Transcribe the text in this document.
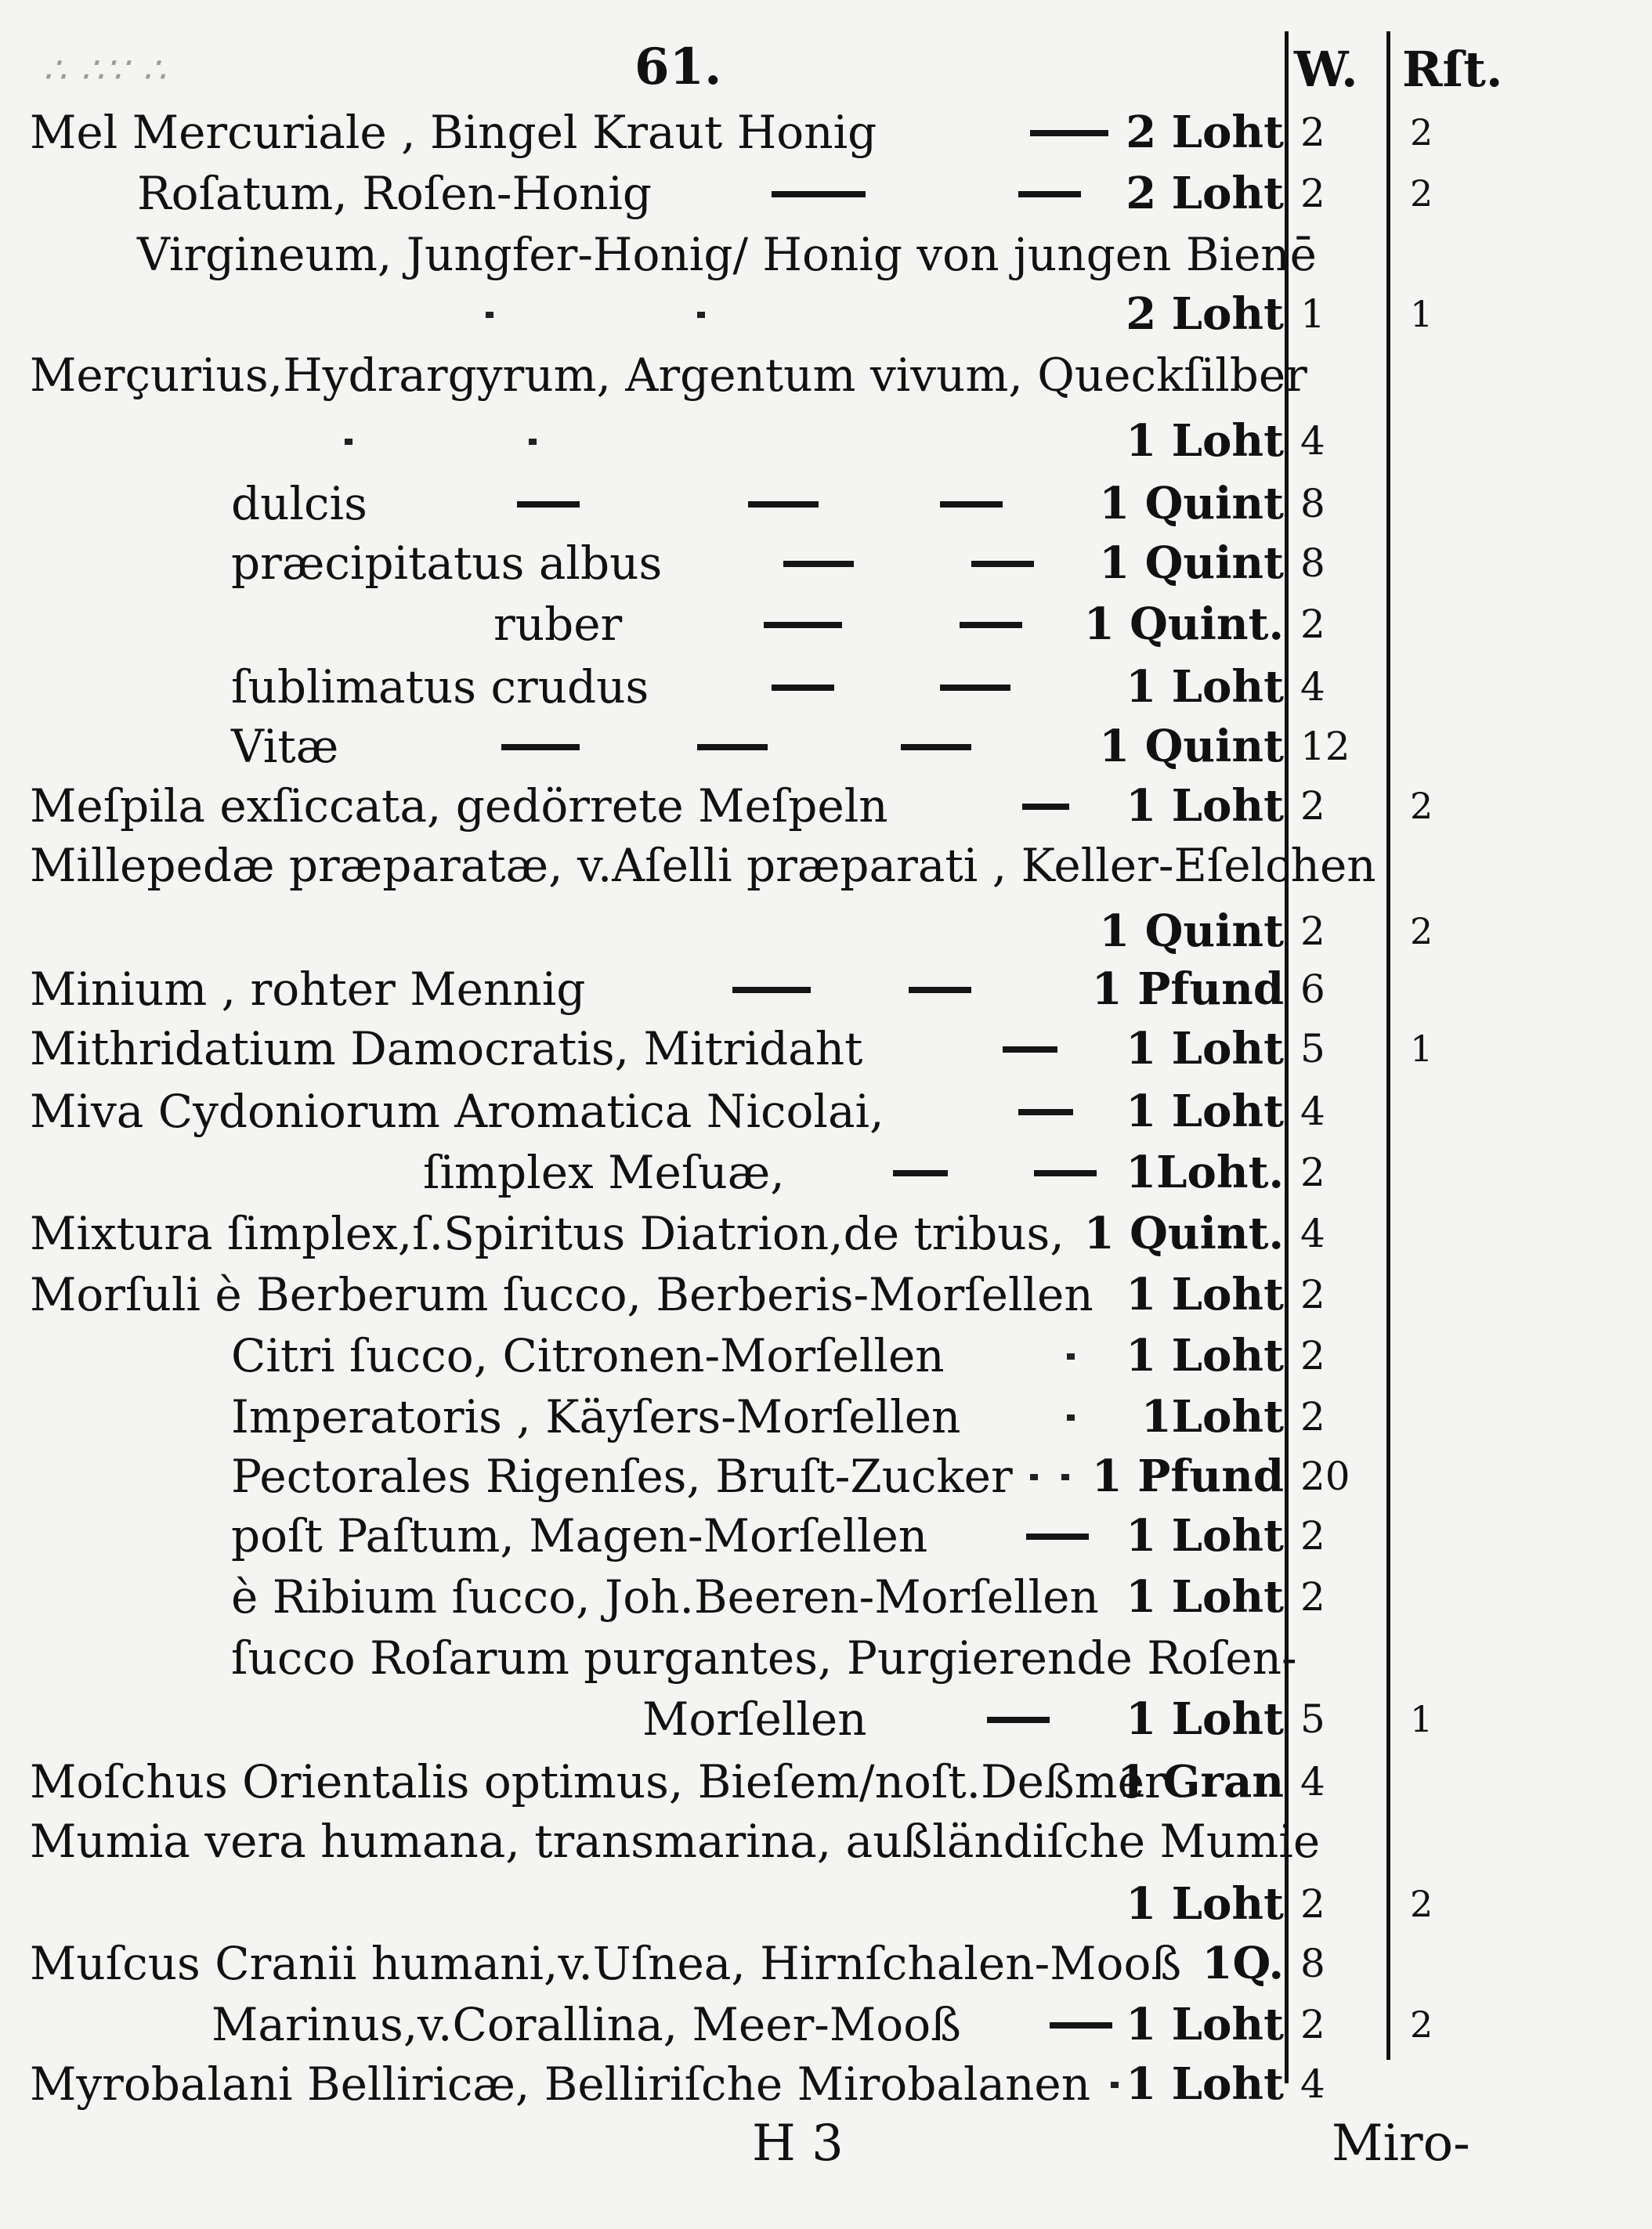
∴ ∴∵ ∴	61.	W. Rſt.
Mel Mercuriale , Bingel Kraut Honig	2 Loht 2 2
Roſatum, Roſen-Honig	2 Loht 2 2
Virgineum, Jungfer-Honig/ Honig von jungen Bienē
2 Loht 1 1
Merçurius,Hydrargyrum, Argentum vivum, Queckſilber
1 Loht 4
dulcis	1 Quint 8
præcipitatus albus	1 Quint 8
ruber	1 Quint. 2
ſublimatus crudus	1 Loht 4
Vitæ	1 Quint 12
Meſpila exſiccata, gedörrete Meſpeln	1 Loht 2 2
Millepedæ præparatæ, v.Aſelli præparati , Keller-Eſelchen
1 Quint 2 2
Minium , rohter Mennig	1 Pfund 6
Mithridatium Damocratis, Mitridaht	1 Loht 5 1
Miva Cydoniorum Aromatica Nicolai,	1 Loht 4
ſimplex Meſuæ,	1Loht. 2
Mixtura ſimplex,ſ.Spiritus Diatrion,de tribus, 1 Quint. 4
Morſuli è Berberum ſucco, Berberis-Morſellen 1 Loht 2
Citri ſucco, Citronen-Morſellen	1 Loht 2
Imperatoris , Käyſers-Morſellen	1Loht 2
Pectorales Rigenſes, Bruſt-Zucker 1 Pfund 20
poſt Paſtum, Magen-Morſellen	1 Loht 2
è Ribium ſucco, Joh.Beeren-Morſellen 1 Loht 2
ſucco Roſarum purgantes, Purgierende Roſen-
Morſellen	1 Loht 5 1
Moſchus Orientalis optimus, Bieſem/noſt.Deßmer
1 Gran 4
Mumia vera humana, transmarina, außländiſche Mumie
1 Loht 2 2
Muſcus Cranii humani,v.Uſnea, Hirnſchalen-Mooß 1Q. 8
Marinus,v.Corallina, Meer-Mooß	1 Loht 2 2
Myrobalani Belliricæ, Belliriſche Mirobalanen 1 Loht 4
H 3	Miro-
